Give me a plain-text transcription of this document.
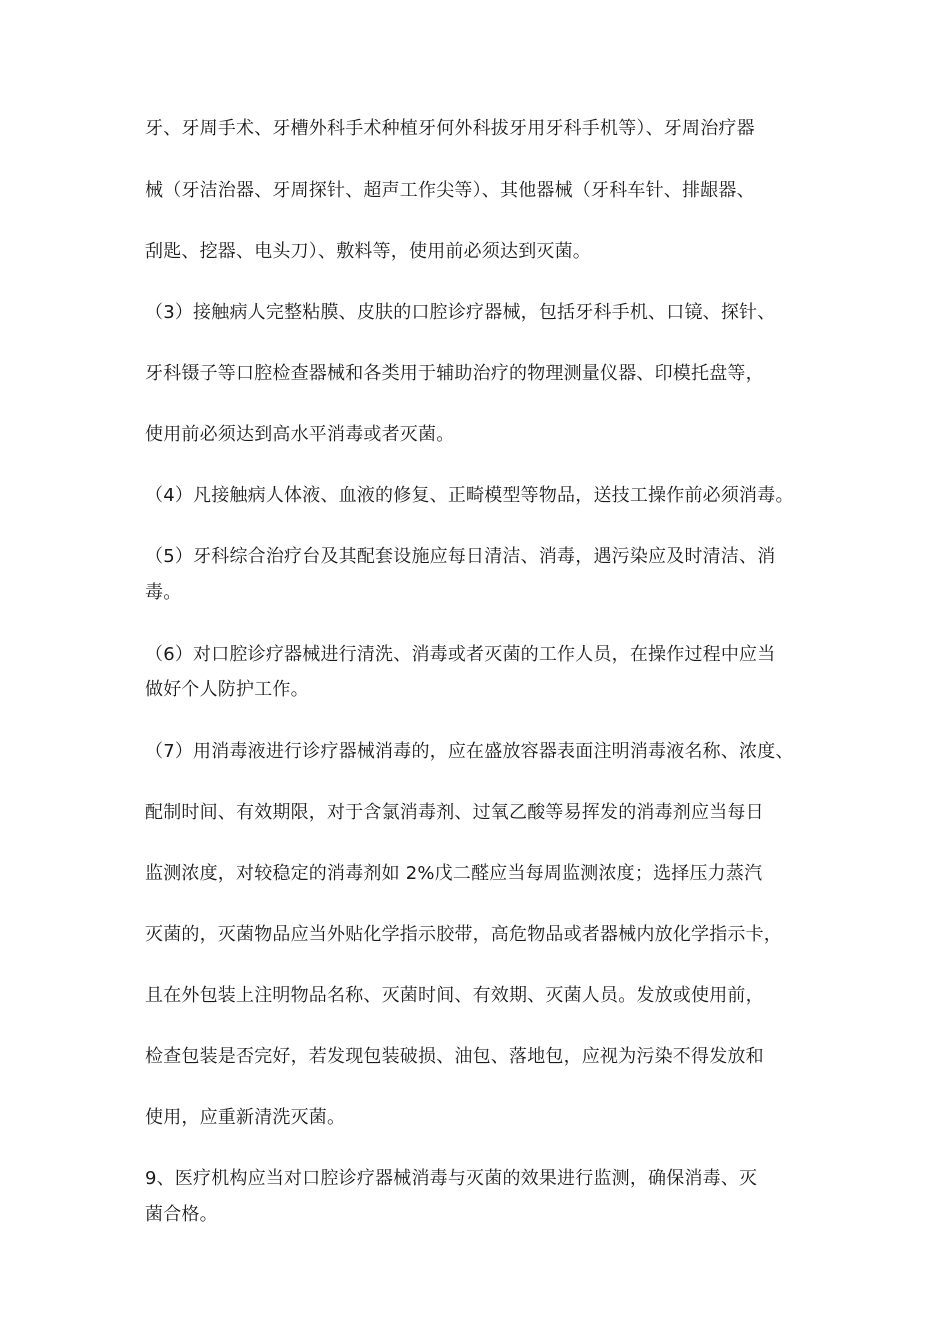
牙、牙周手术、牙槽外科手术种植牙何外科拔牙用牙科手机等）、牙周治疗器
械（牙洁治器、牙周探针、超声工作尖等）、其他器械（牙科车针、排龈器、
刮匙、挖器、电头刀）、敷料等，使用前必须达到灭菌。
（3）接触病人完整粘膜、皮肤的口腔诊疗器械，包括牙科手机、口镜、探针、
牙科镊子等口腔检查器械和各类用于辅助治疗的物理测量仪器、印模托盘等，
使用前必须达到高水平消毒或者灭菌。
（4）凡接触病人体液、血液的修复、正畸模型等物品，送技工操作前必须消毒。
（5）牙科综合治疗台及其配套设施应每日清洁、消毒，遇污染应及时清洁、消
毒。
（6）对口腔诊疗器械进行清洗、消毒或者灭菌的工作人员，在操作过程中应当
做好个人防护工作。
（7）用消毒液进行诊疗器械消毒的，应在盛放容器表面注明消毒液名称、浓度、
配制时间、有效期限，对于含氯消毒剂、过氧乙酸等易挥发的消毒剂应当每日
监测浓度，对较稳定的消毒剂如 2%戊二醛应当每周监测浓度；选择压力蒸汽
灭菌的，灭菌物品应当外贴化学指示胶带，高危物品或者器械内放化学指示卡，
且在外包装上注明物品名称、灭菌时间、有效期、灭菌人员。发放或使用前，
检查包装是否完好，若发现包装破损、油包、落地包，应视为污染不得发放和
使用，应重新清洗灭菌。
9、医疗机构应当对口腔诊疗器械消毒与灭菌的效果进行监测，确保消毒、灭
菌合格。
